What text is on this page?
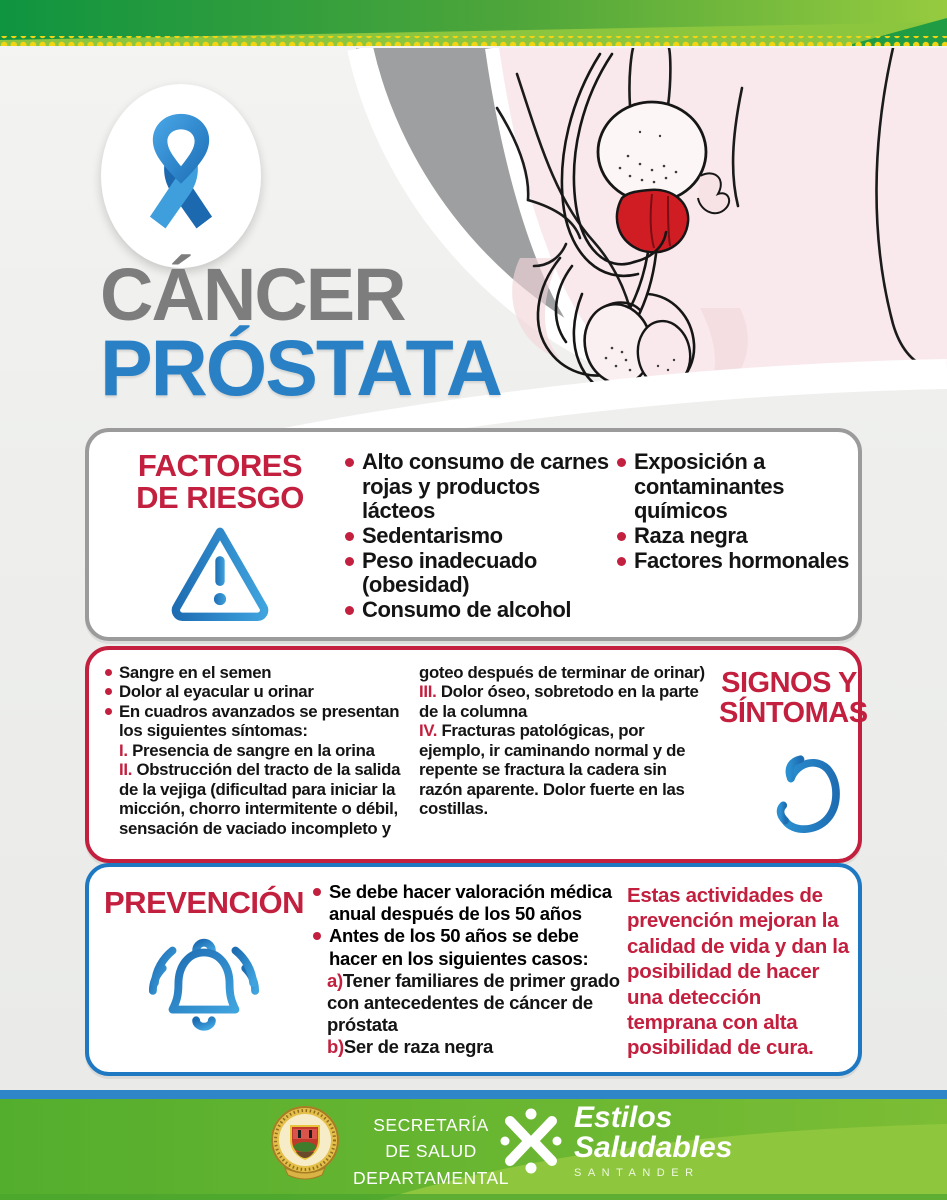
CÁNCER
PRÓSTATA
FACTORES
DE RIESGO
Alto consumo de carnes rojas y productos lácteos
Sedentarismo
Peso inadecuado (obesidad)
Consumo de alcohol
Exposición a contaminantes químicos
Raza negra
Factores hormonales
Sangre en el semen
Dolor al eyacular u orinar
En cuadros avanzados se presentan los siguientes síntomas:

I. Presencia de sangre en la orina

II. Obstrucción del tracto de la salida de la vejiga (dificultad para iniciar la micción, chorro intermitente o débil, sensación de vaciado incompleto y

goteo después de terminar de orinar)

III. Dolor óseo, sobretodo en la parte de la columna

IV. Fracturas patológicas, por ejemplo, ir caminando normal y de repente se fractura la cadera sin razón aparente. Dolor fuerte en las costillas.

SIGNOS Y
SÍNTOMAS
PREVENCIÓN Se debe hacer valoración médica anual después de los 50 años
Antes de los 50 años se debe hacer en los siguientes casos:

a)Tener familiares de primer grado con antecedentes de cáncer de próstata

b)Ser de raza negra

Estas actividades de prevención mejoran la calidad de vida y dan la posibilidad de hacer una detección temprana con alta posibilidad de cura.
SECRETARÍA
DE SALUD
DEPARTAMENTAL
Estilos
Saludables
SANTANDER
